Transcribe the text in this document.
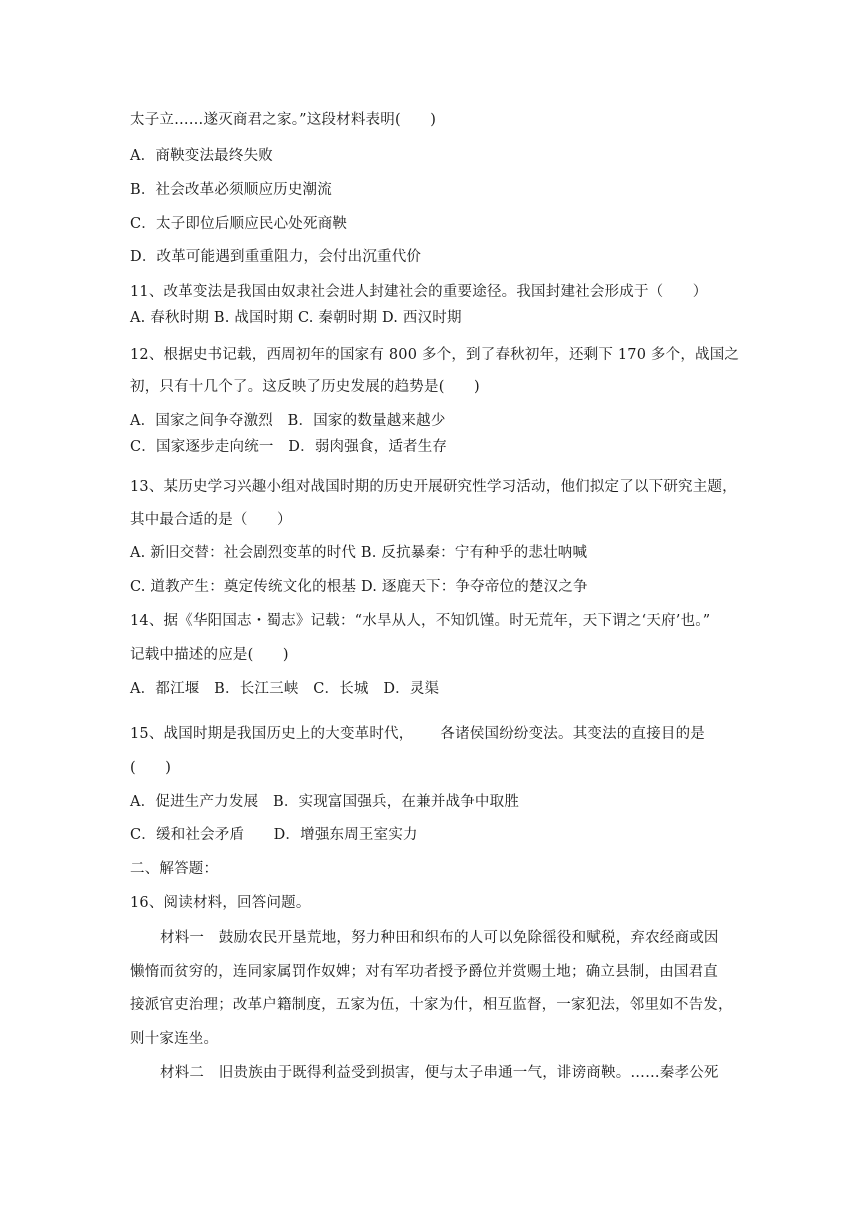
太子立……遂灭商君之家。”这段材料表明(　　)
A．商鞅变法最终失败
B．社会改革必须顺应历史潮流
C．太子即位后顺应民心处死商鞅
D．改革可能遇到重重阻力，会付出沉重代价
11、改革变法是我国由奴隶社会进人封建社会的重要途径。我国封建社会形成于（　　）
A. 春秋时期 B. 战国时期 C. 秦朝时期 D. 西汉时期
12、根据史书记载，西周初年的国家有 800 多个，到了春秋初年，还剩下 170 多个，战国之
初，只有十几个了。这反映了历史发展的趋势是(　　)
A．国家之间争夺激烈　B．国家的数量越来越少
C．国家逐步走向统一　D．弱肉强食，适者生存
13、某历史学习兴趣小组对战国时期的历史开展研究性学习活动，他们拟定了以下研究主题，
其中最合适的是（　　）
A. 新旧交替：社会剧烈变革的时代 B. 反抗暴秦：宁有种乎的悲壮呐喊
C. 道教产生：奠定传统文化的根基 D. 逐鹿天下：争夺帝位的楚汉之争
14、据《华阳国志・蜀志》记载：“水旱从人，不知饥馑。时无荒年，天下谓之‘天府’也。”
记载中描述的应是(　　)
A．都江堰　B．长江三峡　C．长城　D．灵渠
15、战国时期是我国历史上的大变革时代，　　 各诸侯国纷纷变法。其变法的直接目的是
(　　)
A．促进生产力发展　B．实现富国强兵，在兼并战争中取胜
C．缓和社会矛盾　　D．增强东周王室实力
二、解答题：
16、阅读材料，回答问题。
材料一　鼓励农民开垦荒地，努力种田和织布的人可以免除徭役和赋税，弃农经商或因
懒惰而贫穷的，连同家属罚作奴婢；对有军功者授予爵位并赏赐土地；确立县制，由国君直
接派官吏治理；改革户籍制度，五家为伍，十家为什，相互监督，一家犯法，邻里如不告发，
则十家连坐。
材料二　旧贵族由于既得利益受到损害，便与太子串通一气，诽谤商鞅。……秦孝公死
